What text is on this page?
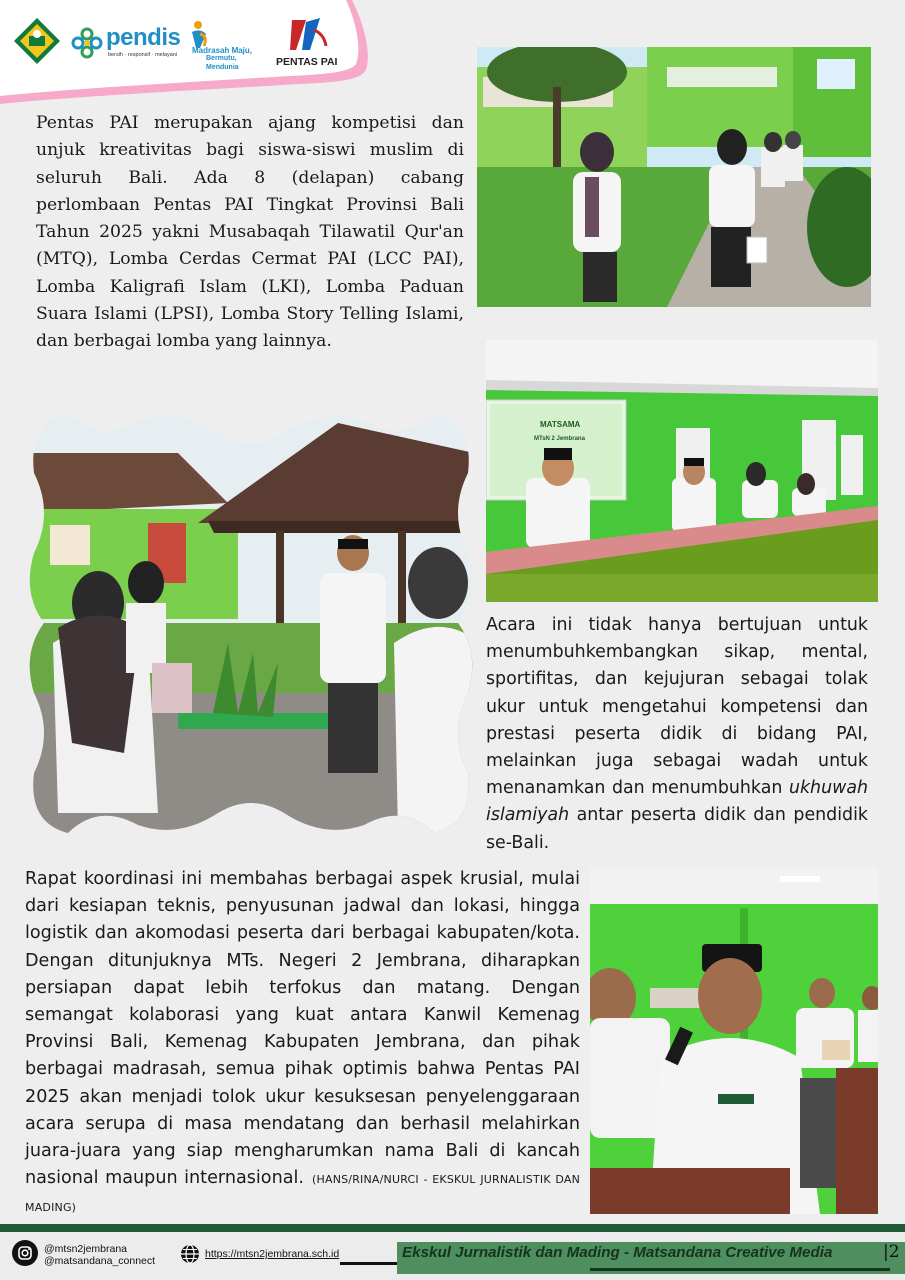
pendis
bersih · responsif · melayani Madrasah Maju,
Bermutu,
Mendunia	PENTAS PAI

Pentas PAI merupakan ajang kompetisi dan unjuk kreativitas bagi siswa-siswi muslim di seluruh Bali. Ada 8 (delapan) cabang perlombaan Pentas PAI Tingkat Provinsi Bali Tahun 2025 yakni Musabaqah Tilawatil Qur'an (MTQ), Lomba Cerdas Cermat PAI (LCC PAI), Lomba Kaligrafi Islam (LKI), Lomba Paduan Suara Islami (LPSI), Lomba Story Telling Islami, dan berbagai lomba yang lainnya.

MATSAMA
MTsN 2 Jembrana

Acara ini tidak hanya bertujuan untuk menumbuhkembangkan sikap, mental, sportifitas, dan kejujuran sebagai tolak ukur untuk mengetahui kompetensi dan prestasi peserta didik di bidang PAI, melainkan juga sebagai wadah untuk menanamkan dan menumbuhkan ukhuwah islamiyah antar peserta didik dan pendidik se-Bali.

Rapat koordinasi ini membahas berbagai aspek krusial, mulai dari kesiapan teknis, penyusunan jadwal dan lokasi, hingga logistik dan akomodasi peserta dari berbagai kabupaten/kota. Dengan ditunjuknya MTs. Negeri 2 Jembrana, diharapkan persiapan dapat lebih terfokus dan matang. Dengan semangat kolaborasi yang kuat antara Kanwil Kemenag Provinsi Bali, Kemenag Kabupaten Jembrana, dan pihak berbagai madrasah, semua pihak optimis bahwa Pentas PAI 2025 akan menjadi tolok ukur kesuksesan penyelenggaraan acara serupa di masa mendatang dan berhasil melahirkan juara-juara yang siap mengharumkan nama Bali di kancah nasional maupun internasional. (HANS/RINA/NURCI - EKSKUL JURNALISTIK DAN MADING)

@mtsn2jembrana
@matsandana_connect
https://mtsn2jembrana.sch.id	Ekskul Jurnalistik dan Mading - Matsandana Creative Media	|2
